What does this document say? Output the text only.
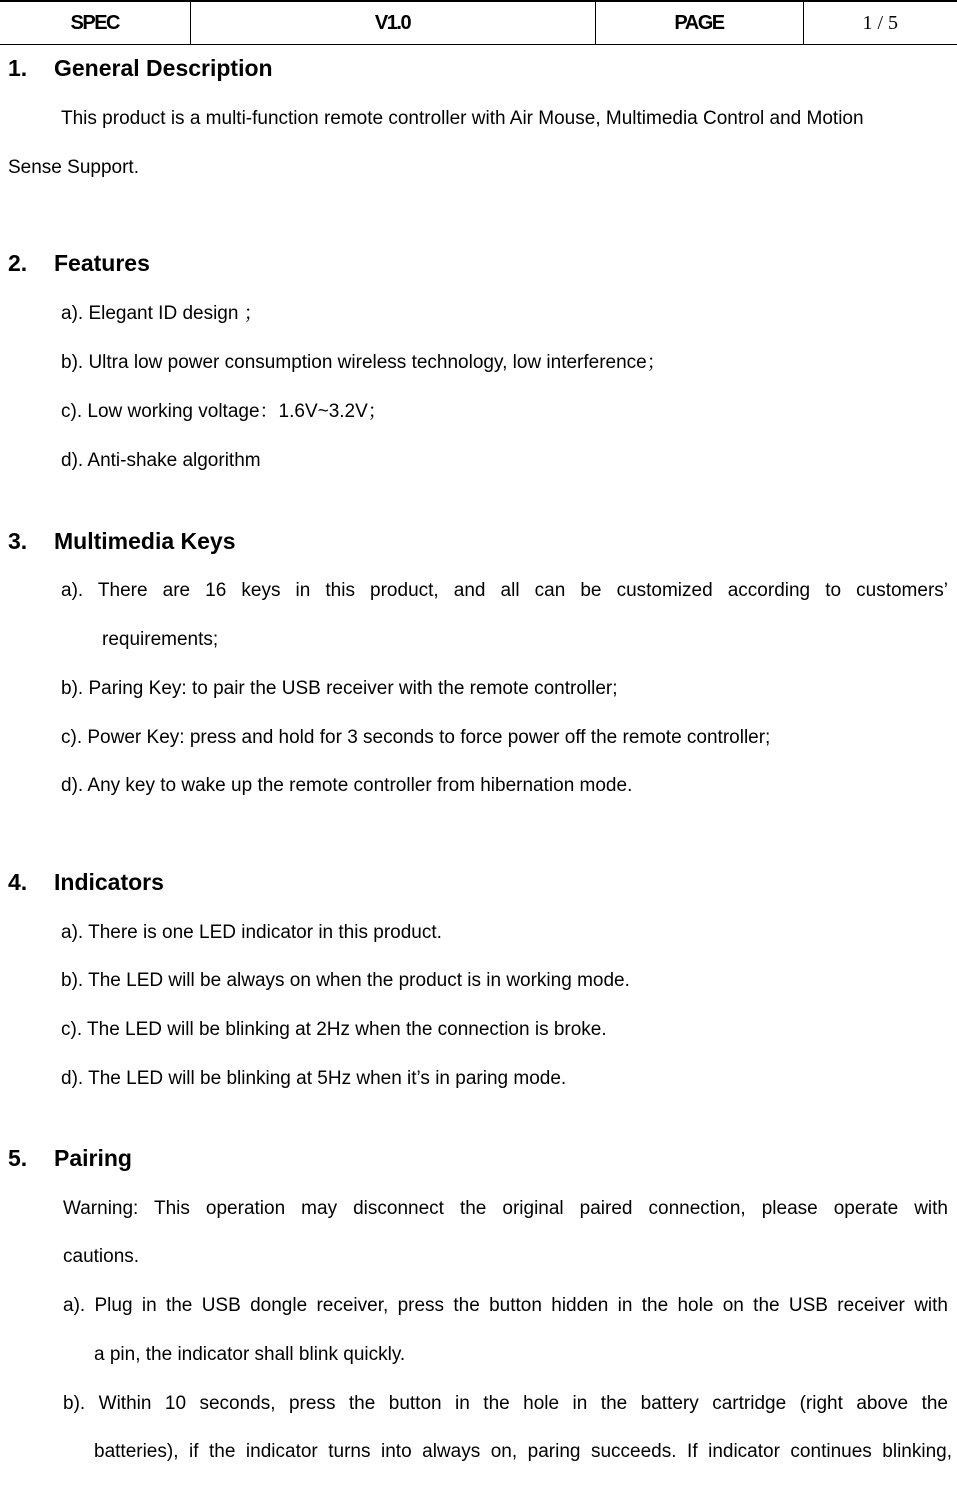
SPEC	V1.0	PAGE	1 / 5
1. General Description
This product is a multi-function remote controller with Air Mouse, Multimedia Control and Motion
Sense Support.
2. Features
a). Elegant ID design ；
b). Ultra low power consumption wireless technology, low interference；
c). Low working voltage：1.6V~3.2V；
d). Anti-shake algorithm
3. Multimedia Keys
a). There are 16 keys in this product, and all can be customized according to customers’
requirements;
b). Paring Key: to pair the USB receiver with the remote controller;
c). Power Key: press and hold for 3 seconds to force power off the remote controller;
d). Any key to wake up the remote controller from hibernation mode.
4. Indicators
a). There is one LED indicator in this product.
b). The LED will be always on when the product is in working mode.
c). The LED will be blinking at 2Hz when the connection is broke.
d). The LED will be blinking at 5Hz when it’s in paring mode.
5. Pairing
Warning: This operation may disconnect the original paired connection, please operate with
cautions.
a). Plug in the USB dongle receiver, press the button hidden in the hole on the USB receiver with
a pin, the indicator shall blink quickly.
b). Within 10 seconds, press the button in the hole in the battery cartridge (right above the
batteries), if the indicator turns into always on, paring succeeds. If indicator continues blinking,
